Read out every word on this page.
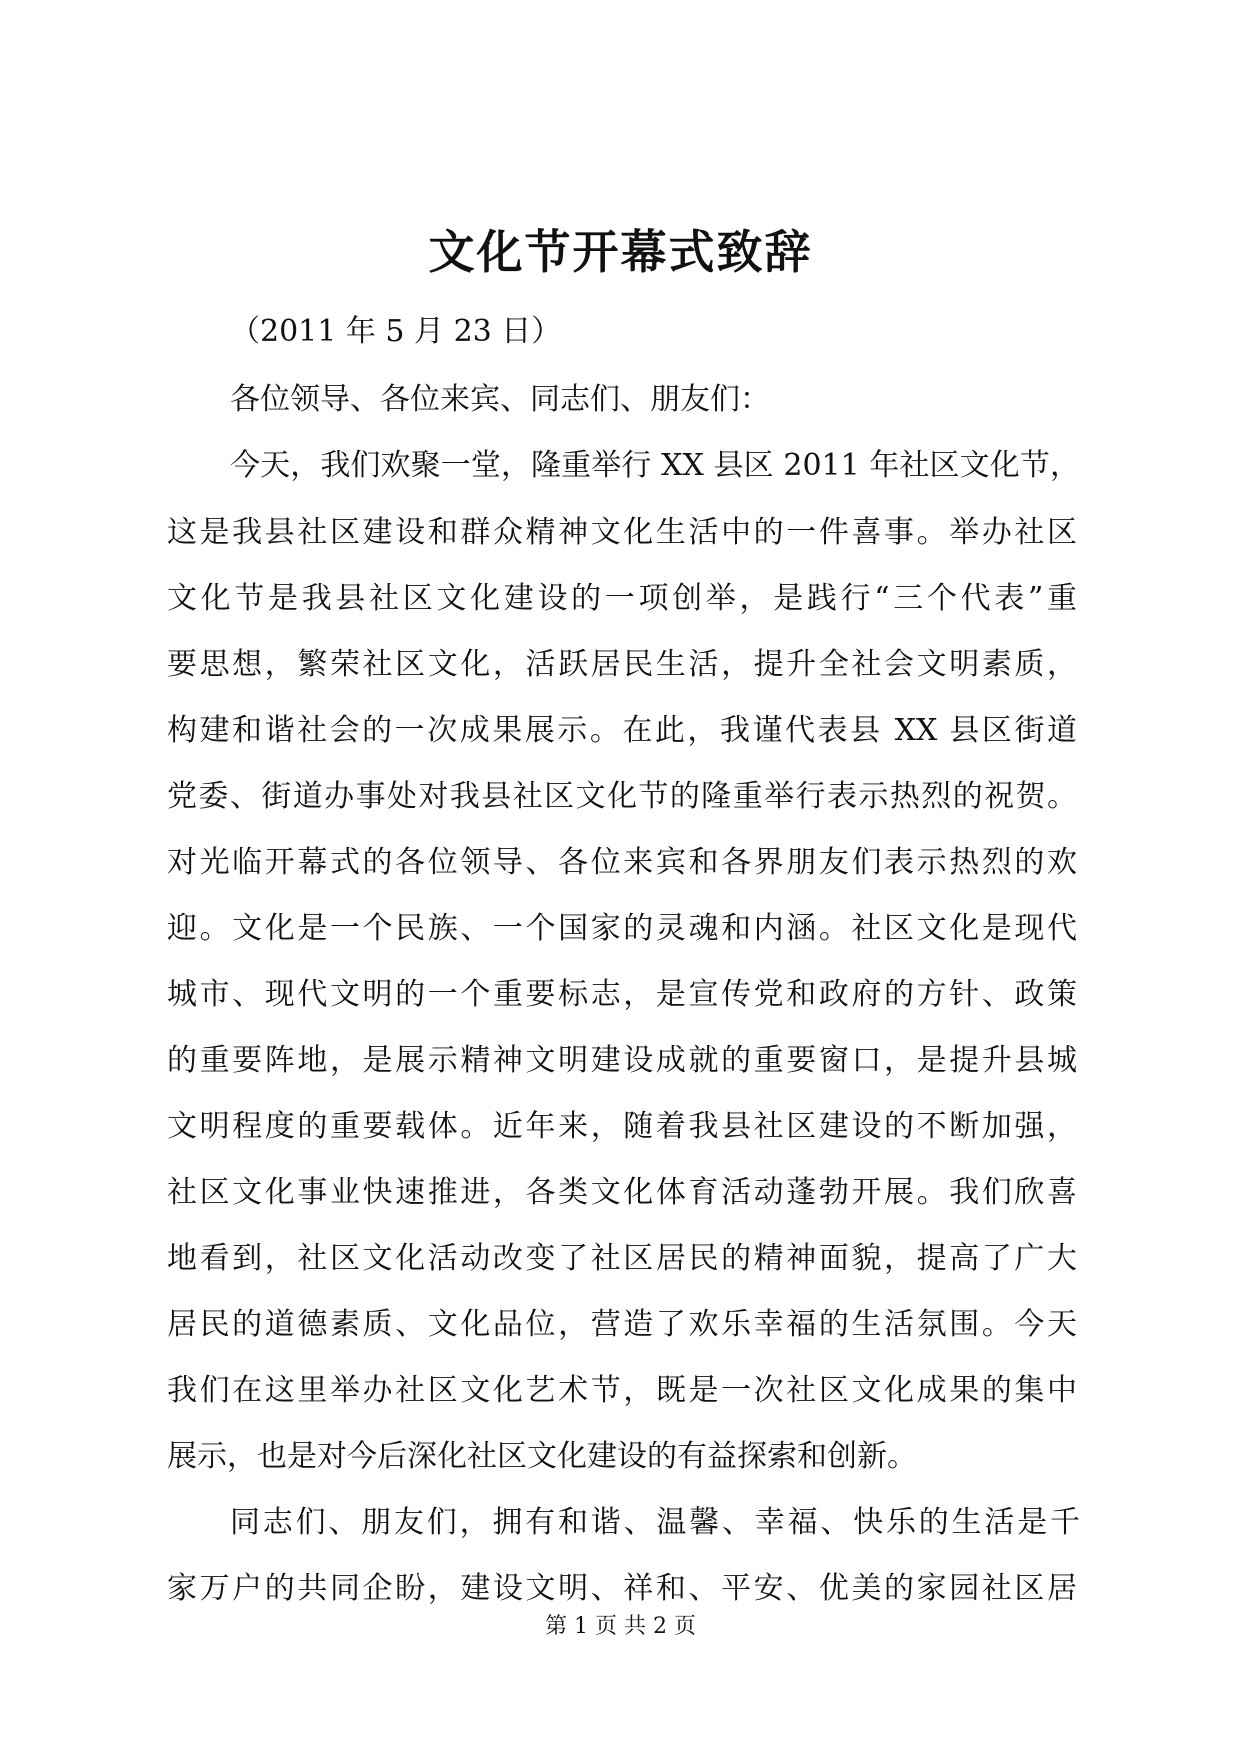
文化节开幕式致辞
（2011 年 5 月 23 日）
各位领导、各位来宾、同志们、朋友们：
今天，我们欢聚一堂，隆重举行 XX 县区 2011 年社区文化节，
这是我县社区建设和群众精神文化生活中的一件喜事。举办社区
文化节是我县社区文化建设的一项创举，是践行“三个代表”重
要思想，繁荣社区文化，活跃居民生活，提升全社会文明素质，
构建和谐社会的一次成果展示。在此，我谨代表县 XX 县区街道
党委、街道办事处对我县社区文化节的隆重举行表示热烈的祝贺。
对光临开幕式的各位领导、各位来宾和各界朋友们表示热烈的欢
迎。文化是一个民族、一个国家的灵魂和内涵。社区文化是现代
城市、现代文明的一个重要标志，是宣传党和政府的方针、政策
的重要阵地，是展示精神文明建设成就的重要窗口，是提升县城
文明程度的重要载体。近年来，随着我县社区建设的不断加强，
社区文化事业快速推进，各类文化体育活动蓬勃开展。我们欣喜
地看到，社区文化活动改变了社区居民的精神面貌，提高了广大
居民的道德素质、文化品位，营造了欢乐幸福的生活氛围。今天
我们在这里举办社区文化艺术节，既是一次社区文化成果的集中
展示，也是对今后深化社区文化建设的有益探索和创新。
同志们、朋友们，拥有和谐、温馨、幸福、快乐的生活是千
家万户的共同企盼，建设文明、祥和、平安、优美的家园社区居
第 1 页 共 2 页
